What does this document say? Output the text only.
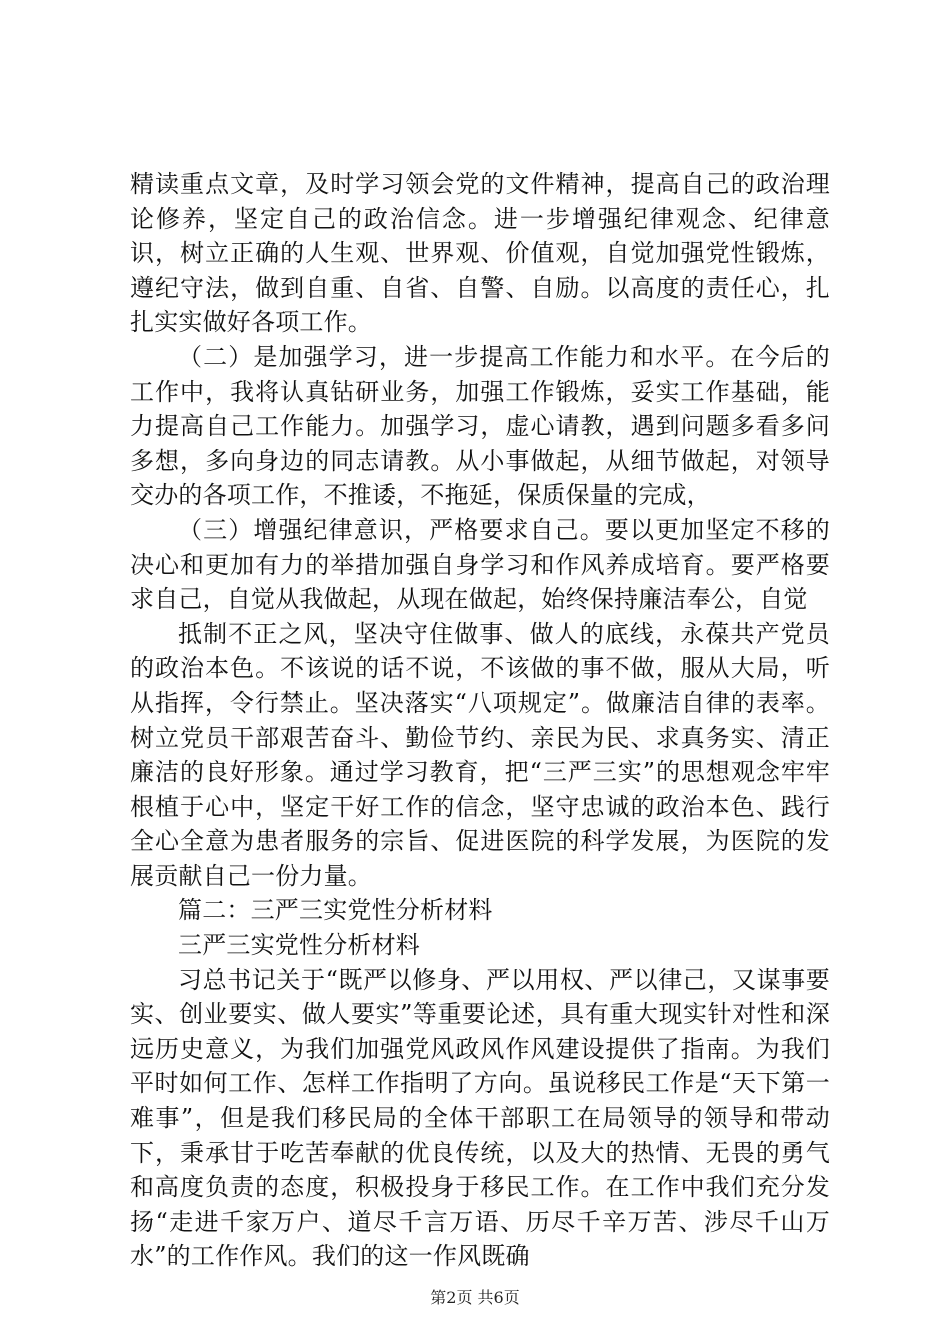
精读重点文章，及时学习领会党的文件精神，提高自己的政治理论修养，坚定自己的政治信念。进一步增强纪律观念、纪律意识，树立正确的人生观、世界观、价值观，自觉加强党性锻炼，遵纪守法，做到自重、自省、自警、自励。以高度的责任心，扎扎实实做好各项工作。

（二）是加强学习，进一步提高工作能力和水平。在今后的工作中，我将认真钻研业务，加强工作锻炼，妥实工作基础，能力提高自己工作能力。加强学习，虚心请教，遇到问题多看多问多想，多向身边的同志请教。从小事做起，从细节做起，对领导交办的各项工作，不推诿，不拖延，保质保量的完成，

（三）增强纪律意识，严格要求自己。要以更加坚定不移的决心和更加有力的举措加强自身学习和作风养成培育。要严格要求自己，自觉从我做起，从现在做起，始终保持廉洁奉公，自觉

抵制不正之风，坚决守住做事、做人的底线，永葆共产党员的政治本色。不该说的话不说，不该做的事不做，服从大局，听从指挥，令行禁止。坚决落实“八项规定”。做廉洁自律的表率。树立党员干部艰苦奋斗、勤俭节约、亲民为民、求真务实、清正廉洁的良好形象。通过学习教育，把“三严三实”的思想观念牢牢根植于心中，坚定干好工作的信念，坚守忠诚的政治本色、践行全心全意为患者服务的宗旨、促进医院的科学发展，为医院的发展贡献自己一份力量。

篇二：三严三实党性分析材料

三严三实党性分析材料

习总书记关于“既严以修身、严以用权、严以律己，又谋事要实、创业要实、做人要实”等重要论述，具有重大现实针对性和深远历史意义，为我们加强党风政风作风建设提供了指南。为我们平时如何工作、怎样工作指明了方向。虽说移民工作是“天下第一难事”，但是我们移民局的全体干部职工在局领导的领导和带动下，秉承甘于吃苦奉献的优良传统，以及大的热情、无畏的勇气和高度负责的态度，积极投身于移民工作。在工作中我们充分发扬“走进千家万户、道尽千言万语、历尽千辛万苦、涉尽千山万水”的工作作风。我们的这一作风既确

第2页 共6页
